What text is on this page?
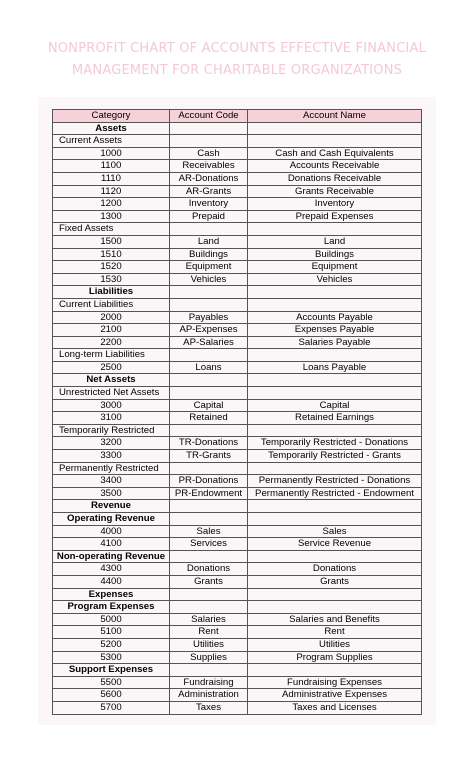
NONPROFIT CHART OF ACCOUNTS EFFECTIVE FINANCIAL
MANAGEMENT FOR CHARITABLE ORGANIZATIONS
Category	Account Code	Account Name
Assets		
Current Assets		
1000	Cash	Cash and Cash Equivalents
1100	Receivables	Accounts Receivable
1110	AR-Donations	Donations Receivable
1120	AR-Grants	Grants Receivable
1200	Inventory	Inventory
1300	Prepaid	Prepaid Expenses
Fixed Assets		
1500	Land	Land
1510	Buildings	Buildings
1520	Equipment	Equipment
1530	Vehicles	Vehicles
Liabilities		
Current Liabilities		
2000	Payables	Accounts Payable
2100	AP-Expenses	Expenses Payable
2200	AP-Salaries	Salaries Payable
Long-term Liabilities		
2500	Loans	Loans Payable
Net Assets		
Unrestricted Net Assets		
3000	Capital	Capital
3100	Retained	Retained Earnings
Temporarily Restricted		
3200	TR-Donations	Temporarily Restricted - Donations
3300	TR-Grants	Temporarily Restricted - Grants
Permanently Restricted		
3400	PR-Donations	Permanently Restricted - Donations
3500	PR-Endowment	Permanently Restricted - Endowment
Revenue		
Operating Revenue		
4000	Sales	Sales
4100	Services	Service Revenue
Non-operating Revenue		
4300	Donations	Donations
4400	Grants	Grants
Expenses		
Program Expenses		
5000	Salaries	Salaries and Benefits
5100	Rent	Rent
5200	Utilities	Utilities
5300	Supplies	Program Supplies
Support Expenses		
5500	Fundraising	Fundraising Expenses
5600	Administration	Administrative Expenses
5700	Taxes	Taxes and Licenses
